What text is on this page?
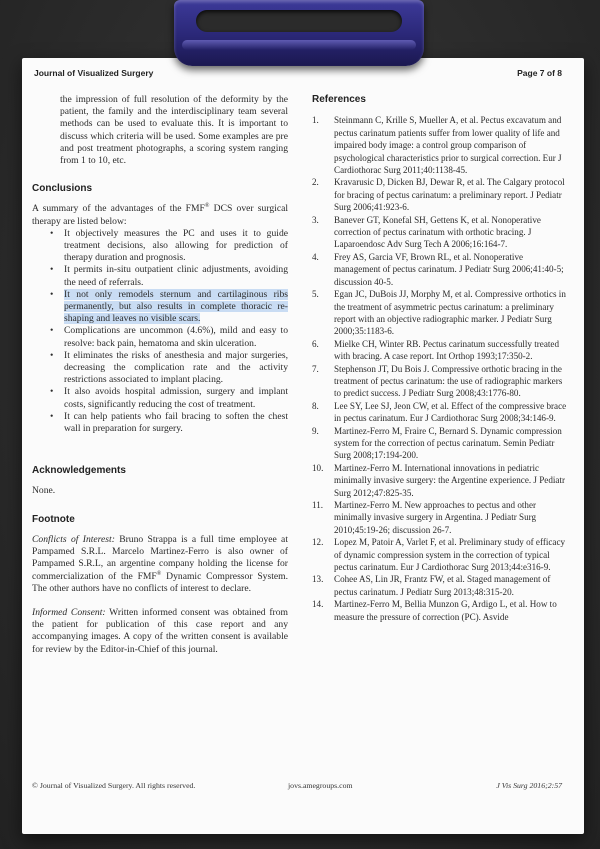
Journal of Visualized Surgery	Page 7 of 8

the impression of full resolution of the deformity by the patient, the family and the interdisciplinary team several methods can be used to evaluate this. It is important to discuss which criteria will be used. Some examples are pre and post treatment photographs, a scoring system ranging from 1 to 10, etc.

Conclusions

A summary of the advantages of the FMF® DCS over surgical therapy are listed below:

• It objectively measures the PC and uses it to guide treatment decisions, also allowing for prediction of therapy duration and prognosis.
• It permits in-situ outpatient clinic adjustments, avoiding the need of referrals.
• It not only remodels sternum and cartilaginous ribs permanently, but also results in complete thoracic re-shaping and leaves no visible scars.
• Complications are uncommon (4.6%), mild and easy to resolve: back pain, hematoma and skin ulceration.
• It eliminates the risks of anesthesia and major surgeries, decreasing the complication rate and the activity restrictions associated to implant placing.
• It also avoids hospital admission, surgery and implant costs, significantly reducing the cost of treatment.
• It can help patients who fail bracing to soften the chest wall in preparation for surgery.
Acknowledgements

None.

Footnote

Conflicts of Interest: Bruno Strappa is a full time employee at Pampamed S.R.L. Marcelo Martinez-Ferro is also owner of Pampamed S.R.L, an argentine company holding the license for commercialization of the FMF® Dynamic Compressor System. The other authors have no conflicts of interest to declare.

Informed Consent: Written informed consent was obtained from the patient for publication of this case report and any accompanying images. A copy of the written consent is available for review by the Editor-in-Chief of this journal.

References
1.	Steinmann C, Krille S, Mueller A, et al. Pectus excavatum and pectus carinatum patients suffer from lower quality of life and impaired body image: a control group comparison of psychological characteristics prior to surgical correction. Eur J Cardiothorac Surg 2011;40:1138-45.
2.	Kravarusic D, Dicken BJ, Dewar R, et al. The Calgary protocol for bracing of pectus carinatum: a preliminary report. J Pediatr Surg 2006;41:923-6.
3.	Banever GT, Konefal SH, Gettens K, et al. Nonoperative correction of pectus carinatum with orthotic bracing. J Laparoendosc Adv Surg Tech A 2006;16:164-7.
4.	Frey AS, Garcia VF, Brown RL, et al. Nonoperative management of pectus carinatum. J Pediatr Surg 2006;41:40-5; discussion 40-5.
5.	Egan JC, DuBois JJ, Morphy M, et al. Compressive orthotics in the treatment of asymmetric pectus carinatum: a preliminary report with an objective radiographic marker. J Pediatr Surg 2000;35:1183-6.
6.	Mielke CH, Winter RB. Pectus carinatum successfully treated with bracing. A case report. Int Orthop 1993;17:350-2.
7.	Stephenson JT, Du Bois J. Compressive orthotic bracing in the treatment of pectus carinatum: the use of radiographic markers to predict success. J Pediatr Surg 2008;43:1776-80.
8.	Lee SY, Lee SJ, Jeon CW, et al. Effect of the compressive brace in pectus carinatum. Eur J Cardiothorac Surg 2008;34:146-9.
9.	Martinez-Ferro M, Fraire C, Bernard S. Dynamic compression system for the correction of pectus carinatum. Semin Pediatr Surg 2008;17:194-200.
10.	Martinez-Ferro M. International innovations in pediatric minimally invasive surgery: the Argentine experience. J Pediatr Surg 2012;47:825-35.
11.	Martinez-Ferro M. New approaches to pectus and other minimally invasive surgery in Argentina. J Pediatr Surg 2010;45:19-26; discussion 26-7.
12.	Lopez M, Patoir A, Varlet F, et al. Preliminary study of efficacy of dynamic compression system in the correction of typical pectus carinatum. Eur J Cardiothorac Surg 2013;44:e316-9.
13.	Cohee AS, Lin JR, Frantz FW, et al. Staged management of pectus carinatum. J Pediatr Surg 2013;48:315-20.
14.	Martinez-Ferro M, Bellia Munzon G, Ardigo L, et al. How to measure the pressure of correction (PC). Asvide
© Journal of Visualized Surgery. All rights reserved.	jovs.amegroups.com	J Vis Surg 2016;2:57
